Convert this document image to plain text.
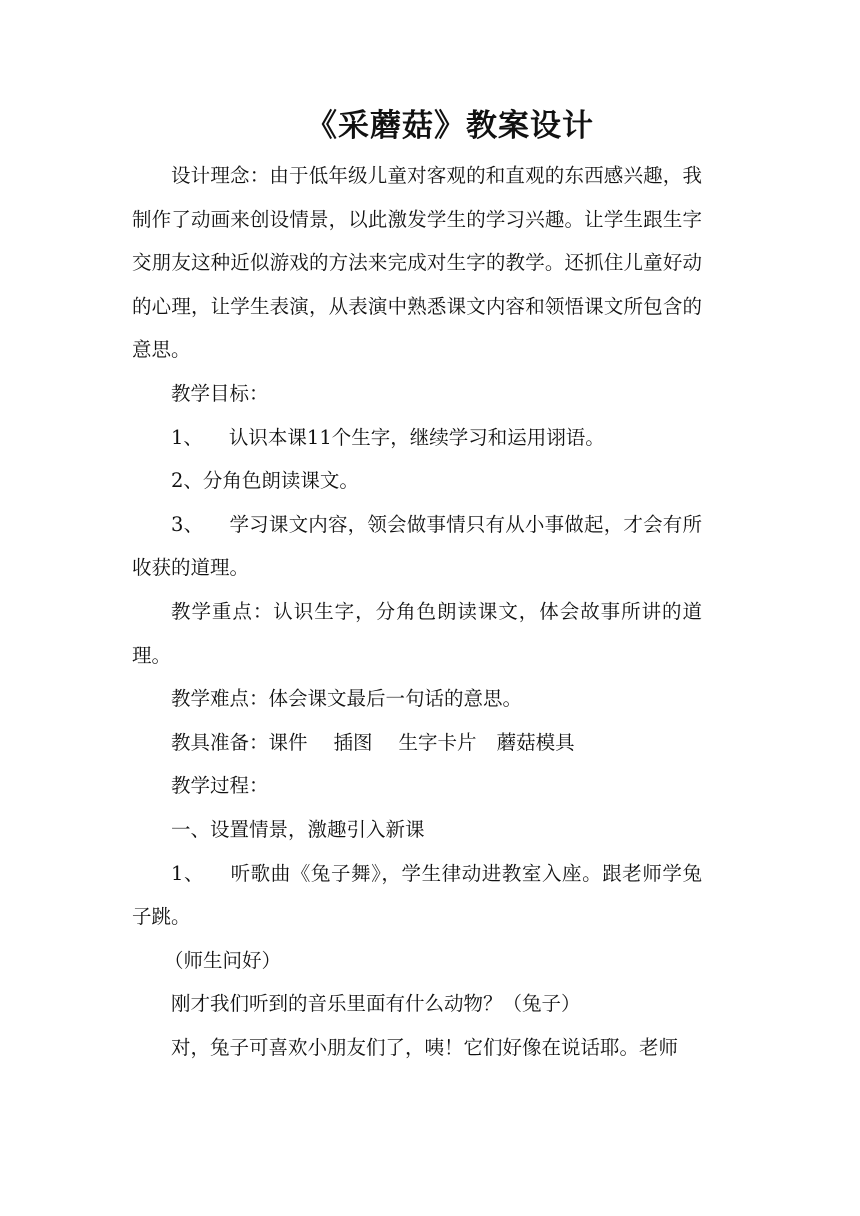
《采蘑菇》教案设计

设计理念：由于低年级儿童对客观的和直观的东西感兴趣，我制作了动画来创设情景，以此激发学生的学习兴趣。让学生跟生字交朋友这种近似游戏的方法来完成对生字的教学。还抓住儿童好动的心理，让学生表演，从表演中熟悉课文内容和领悟课文所包含的意思。

教学目标：

1、 认识本课11个生字，继续学习和运用诩语。

2、分角色朗读课文。

3、 学习课文内容，领会做事情只有从小事做起，才会有所收获的道理。

教学重点：认识生字，分角色朗读课文，体会故事所讲的道理。

教学难点：体会课文最后一句话的意思。

教具准备：课件 插图 生字卡片 蘑菇模具

教学过程：

一、设置情景，激趣引入新课

1、 听歌曲《兔子舞》，学生律动进教室入座。跟老师学兔子跳。

（师生问好）

刚才我们听到的音乐里面有什么动物？（兔子）

对，兔子可喜欢小朋友们了，咦！它们好像在说话耶。老师
